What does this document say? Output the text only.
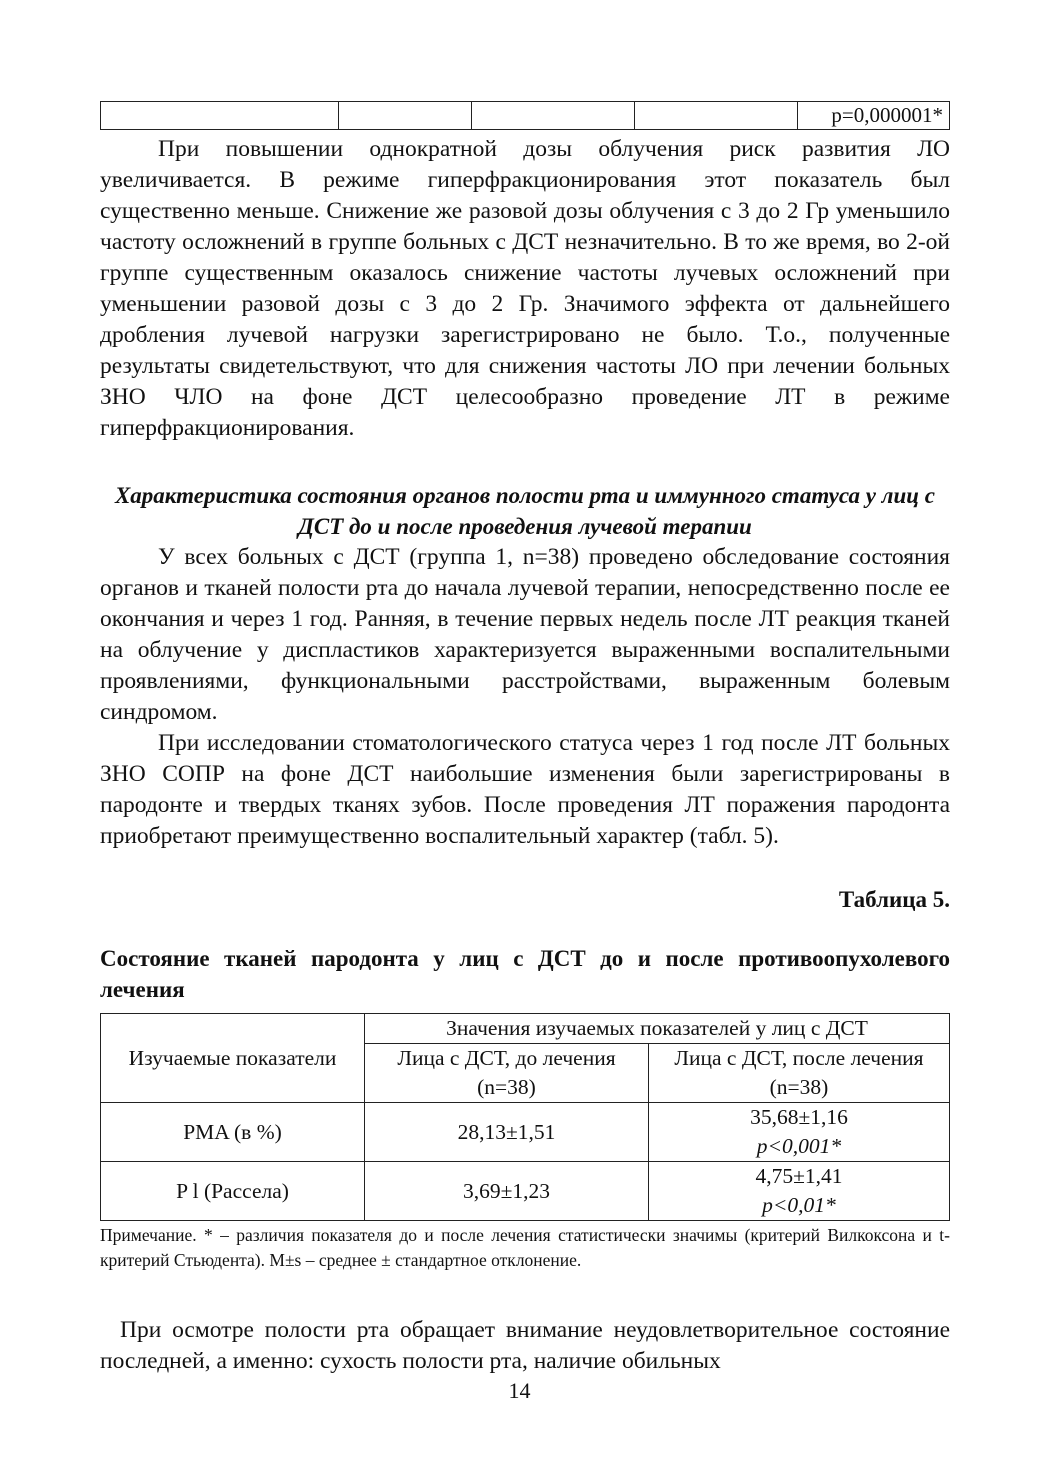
				p=0,000001*

При повышении однократной дозы облучения риск развития ЛО увеличивается. В режиме гиперфракционирования этот показатель был существенно меньше. Снижение же разовой дозы облучения с 3 до 2 Гр уменьшило частоту осложнений в группе больных с ДСТ незначительно. В то же время, во 2-ой группе существенным оказалось снижение частоты лучевых осложнений при уменьшении разовой дозы с 3 до 2 Гр. Значимого эффекта от дальнейшего дробления лучевой нагрузки зарегистрировано не было. Т.о., полученные результаты свидетельствуют, что для снижения частоты ЛО при лечении больных ЗНО ЧЛО на фоне ДСТ целесообразно проведение ЛТ в режиме гиперфракционирования.

Характеристика состояния органов полости рта и иммунного статуса у лиц с ДСТ до и после проведения лучевой терапии

У всех больных с ДСТ (группа 1, n=38) проведено обследование состояния органов и тканей полости рта до начала лучевой терапии, непосредственно после ее окончания и через 1 год. Ранняя, в течение первых недель после ЛТ реакция тканей на облучение у диспластиков характеризуется выраженными воспалительными проявлениями, функциональными расстройствами, выраженным болевым синдромом.

При исследовании стоматологического статуса через 1 год после ЛТ больных ЗНО СОПР на фоне ДСТ наибольшие изменения были зарегистрированы в пародонте и твердых тканях зубов. После проведения ЛТ поражения пародонта приобретают преимущественно воспалительный характер (табл. 5).

Таблица 5.

Состояние тканей пародонта у лиц с ДСТ до и после противоопухолевого лечения

Изучаемые показатели	Значения изучаемых показателей у лиц с ДСТ	
	Лица с ДСТ, до лечения (n=38)	Лица с ДСТ, после лечения (n=38)
PMA (в %)	28,13±1,51	35,68±1,16
p<0,001*

P l (Рассела)	3,69±1,23	4,75±1,41
p<0,01*

Примечание. * – различия показателя до и после лечения статистически значимы (критерий Вилкоксона и t-критерий Стьюдента). M±s – среднее ± стандартное отклонение.

При осмотре полости рта обращает внимание неудовлетворительное состояние последней, а именно: сухость полости рта, наличие обильных

14
